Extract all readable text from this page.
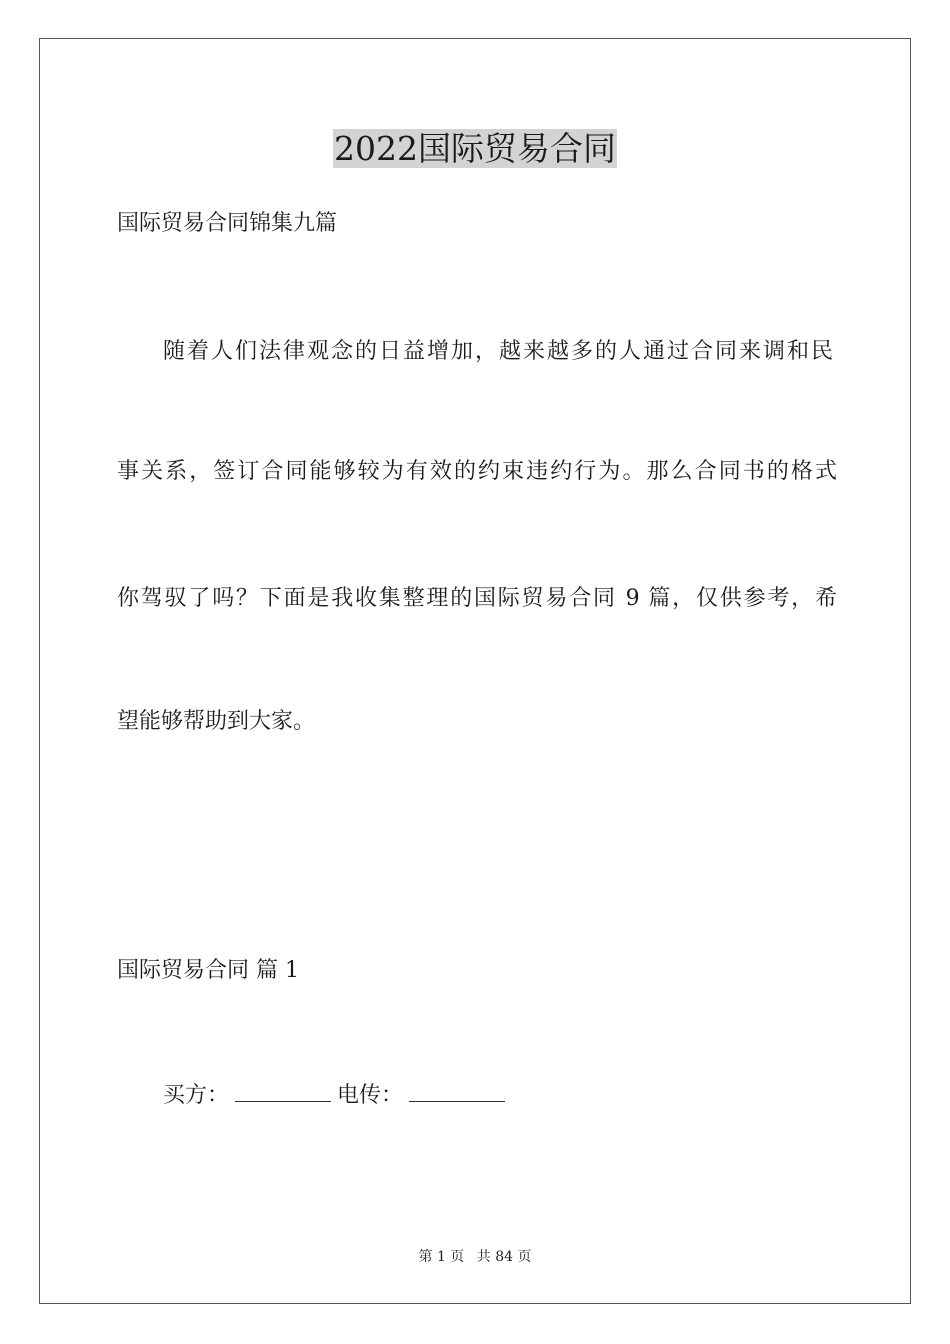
2022国际贸易合同
国际贸易合同锦集九篇
随着人们法律观念的日益增加，越来越多的人通过合同来调和民
事关系，签订合同能够较为有效的约束违约行为。那么合同书的格式
你驾驭了吗？下面是我收集整理的国际贸易合同 9 篇，仅供参考，希
望能够帮助到大家。
国际贸易合同 篇 1
买方：	电传：
第 1 页 共 84 页
